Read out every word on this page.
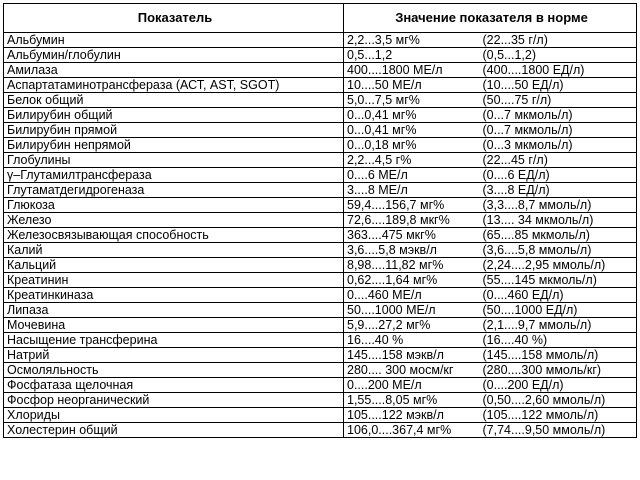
Показатель	Значение показателя в норме	
Альбумин	2,2...3,5 мг%	(22...35 г/л)
Альбумин/глобулин	0,5...1,2	(0,5...1,2)
Амилаза	400....1800 МЕ/л	(400....1800 ЕД/л)
Аспартатаминотрансфераза (АСТ, AST, SGOT)	10....50 МЕ/л	(10....50 ЕД/л)
Белок общий	5,0...7,5 мг%	(50....75 г/л)
Билирубин общий	0...0,41 мг%	(0...7 мкмоль/л)
Билирубин прямой	0...0,41 мг%	(0...7 мкмоль/л)
Билирубин непрямой	0...0,18 мг%	(0...3 мкмоль/л)
Глобулины	2,2...4,5 г%	(22...45 г/л)
γ–Глутамилтрансфераза	0....6 МЕ/л	(0....6 ЕД/л)
Глутаматдегидрогеназа	3....8 МЕ/л	(3....8 ЕД/л)
Глюкоза	59,4....156,7 мг%	(3,3....8,7 ммоль/л)
Железо	72,6....189,8 мкг%	(13.... 34 мкмоль/л)
Железосвязывающая способность	363....475 мкг%	(65....85 мкмоль/л)
Калий	3,6....5,8 мэкв/л	(3,6....5,8 ммоль/л)
Кальций	8,98....11,82 мг%	(2,24....2,95 ммоль/л)
Креатинин	0,62....1,64 мг%	(55....145 мкмоль/л)
Креатинкиназа	0....460 МЕ/л	(0....460 ЕД/л)
Липаза	50....1000 МЕ/л	(50....1000 ЕД/л)
Мочевина	5,9....27,2 мг%	(2,1....9,7 ммоль/л)
Насыщение трансферина	16....40 %	(16....40 %)
Натрий	145....158 мэкв/л	(145....158 ммоль/л)
Осмоляльность	280.... 300 мосм/кг	(280....300 ммоль/кг)
Фосфатаза щелочная	0....200 МЕ/л	(0....200 ЕД/л)
Фосфор неорганический	1,55....8,05 мг%	(0,50....2,60 ммоль/л)
Хлориды	105....122 мэкв/л	(105....122 ммоль/л)
Холестерин общий	106,0....367,4 мг%	(7,74....9,50 ммоль/л)
